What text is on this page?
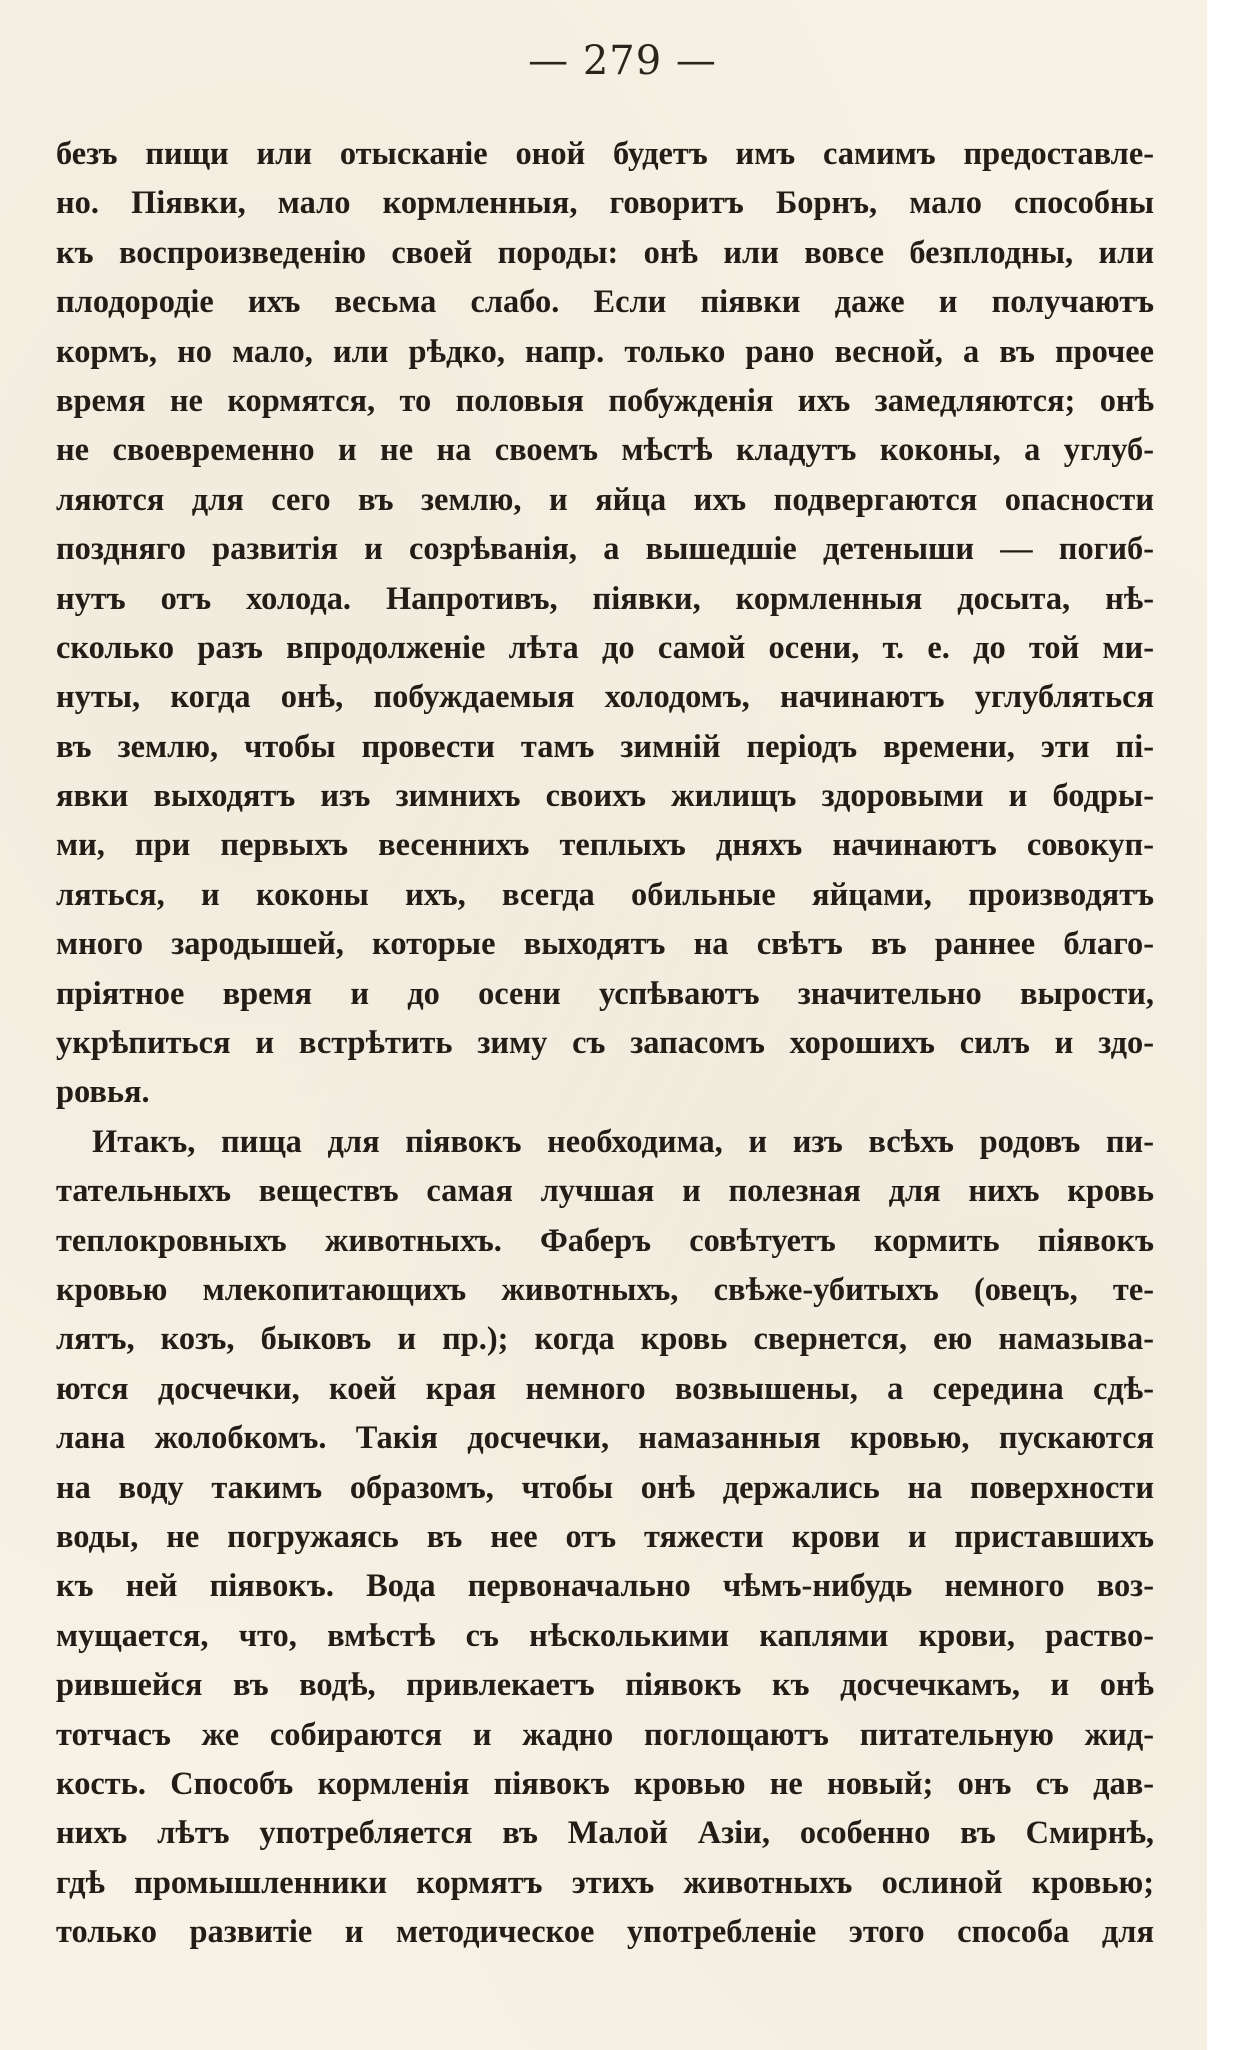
— 279 —
безъ пищи или отысканіе оной будетъ имъ самимъ предоставле-
но. Піявки, мало кормленныя, говоритъ Борнъ, мало способны
къ воспроизведенію своей породы: онѣ или вовсе безплодны, или
плодородіе ихъ весьма слабо. Если піявки даже и получаютъ
кормъ, но мало, или рѣдко, напр. только рано весной, а въ прочее
время не кормятся, то половыя побужденія ихъ замедляются; онѣ
не своевременно и не на своемъ мѣстѣ кладутъ коконы, а углуб-
ляются для сего въ землю, и яйца ихъ подвергаются опасности
поздняго развитія и созрѣванія, а вышедшіе детеныши — погиб-
нутъ отъ холода. Напротивъ, піявки, кормленныя досыта, нѣ-
сколько разъ впродолженіе лѣта до самой осени, т. е. до той ми-
нуты, когда онѣ, побуждаемыя холодомъ, начинаютъ углубляться
въ землю, чтобы провести тамъ зимній періодъ времени, эти пі-
явки выходятъ изъ зимнихъ своихъ жилищъ здоровыми и бодры-
ми, при первыхъ весеннихъ теплыхъ дняхъ начинаютъ совокуп-
ляться, и коконы ихъ, всегда обильные яйцами, производятъ
много зародышей, которые выходятъ на свѣтъ въ раннее благо-
пріятное время и до осени успѣваютъ значительно выроcти,
укрѣпиться и встрѣтить зиму съ запасомъ хорошихъ силъ и здо-
ровья.
Итакъ, пища для піявокъ необходима, и изъ всѣхъ родовъ пи-
тательныхъ веществъ самая лучшая и полезная для нихъ кровь
теплокровныхъ животныхъ. Фаберъ совѣтуетъ кормить піявокъ
кровью млекопитающихъ животныхъ, свѣже-убитыхъ (овецъ, те-
лятъ, козъ, быковъ и пр.); когда кровь свернется, ею намазыва-
ются досчечки, коей края немного возвышены, а середина сдѣ-
лана жолобкомъ. Такія досчечки, намазанныя кровью, пускаются
на воду такимъ образомъ, чтобы онѣ держались на поверхности
воды, не погружаясь въ нее отъ тяжести крови и приставшихъ
къ ней піявокъ. Вода первоначально чѣмъ-нибудь немного воз-
мущается, что, вмѣстѣ съ нѣсколькими каплями крови, раство-
рившейся въ водѣ, привлекаетъ піявокъ къ досчечкамъ, и онѣ
тотчасъ же собираются и жадно поглощаютъ питательную жид-
кость. Способъ кормленія піявокъ кровью не новый; онъ съ дав-
нихъ лѣтъ употребляется въ Малой Азіи, особенно въ Смирнѣ,
гдѣ промышленники кормятъ этихъ животныхъ ослиной кровью;
только развитіе и методическое употребленіе этого способа для
